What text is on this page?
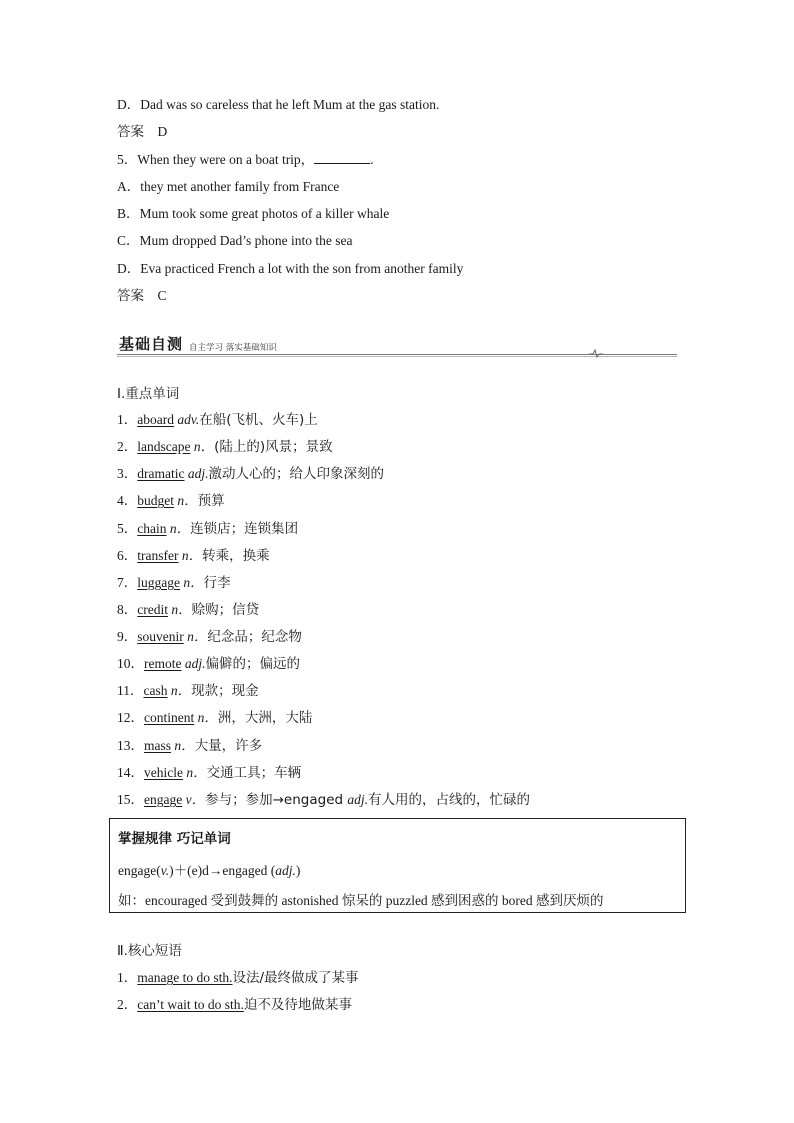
D．Dad was so careless that he left Mum at the gas station.
答案 D
5．When they were on a boat trip，	.
A．they met another family from France
B．Mum took some great photos of a killer whale
C．Mum dropped Dad’s phone into the sea
D．Eva practiced French a lot with the son from another family
答案 C
基础自测 自主学习 落实基础知识
Ⅰ.重点单词
1．aboard adv.在船(飞机、火车)上
2．landscape n．(陆上的)风景；景致
3．dramatic adj.激动人心的；给人印象深刻的
4．budget n．预算
5．chain n．连锁店；连锁集团
6．transfer n．转乘，换乘
7．luggage n．行李
8．credit n．赊购；信贷
9．souvenir n．纪念品；纪念物
10．remote adj.偏僻的；偏远的
11．cash n．现款；现金
12．continent n．洲，大洲，大陆
13．mass n．大量，许多
14．vehicle n．交通工具；车辆
15．engage v．参与；参加→engaged adj.有人用的，占线的，忙碌的
掌握规律 巧记单词
engage(v.)＋(e)d→engaged (adj.)
如：encouraged 受到鼓舞的 astonished 惊呆的 puzzled 感到困惑的 bored 感到厌烦的
Ⅱ.核心短语
1．manage to do sth.设法/最终做成了某事
2．can’t wait to do sth.迫不及待地做某事
